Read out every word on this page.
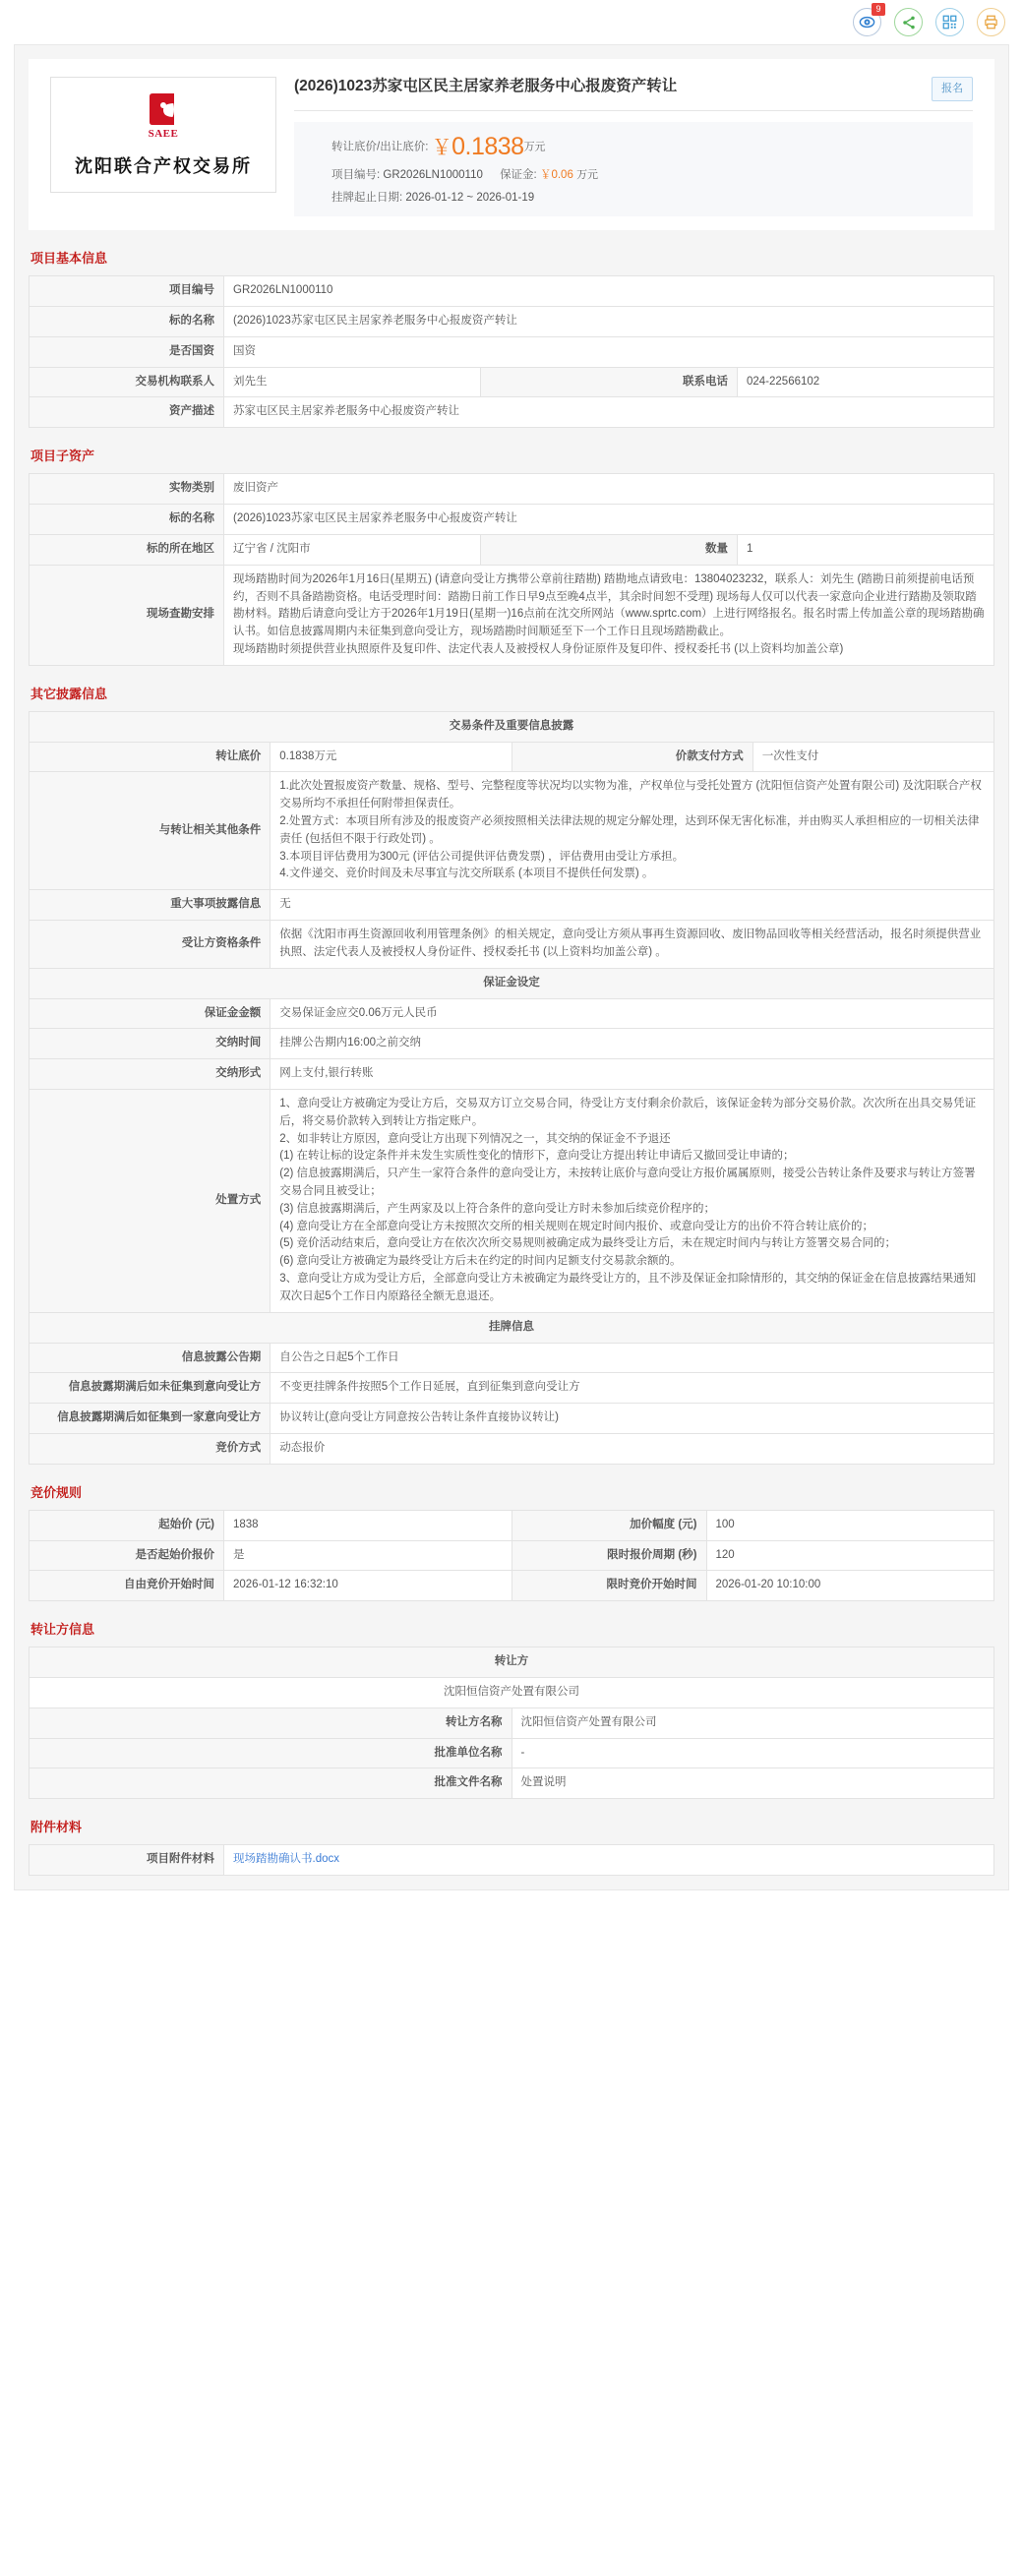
9
SAEE
沈阳联合产权交易所
(2026)1023苏家屯区民主居家养老服务中心报废资产转让	报名
转让底价/出让底价: ￥0.1838万元
项目编号: GR2026LN1000110 保证金: ￥0.06 万元
挂牌起止日期: 2026-01-12 ~ 2026-01-19
项目基本信息
项目编号	GR2026LN1000110		
标的名称	(2026)1023苏家屯区民主居家养老服务中心报废资产转让		
是否国资	国资		
交易机构联系人	刘先生	联系电话	024-22566102
资产描述	苏家屯区民主居家养老服务中心报废资产转让		
项目子资产
实物类别	废旧资产		
标的名称	(2026)1023苏家屯区民主居家养老服务中心报废资产转让		
标的所在地区	辽宁省 / 沈阳市	数量	1
现场查勘安排	现场踏勘时间为2026年1月16日(星期五) (请意向受让方携带公章前往踏勘) 踏勘地点请致电：13804023232，联系人：刘先生 (踏勘日前须提前电话预约，否则不具备踏勘资格。电话受理时间：踏勘日前工作日早9点至晚4点半，其余时间恕不受理) 现场每人仅可以代表一家意向企业进行踏勘及领取踏勘材料。踏勘后请意向受让方于2026年1月19日(星期一)16点前在沈交所网站（www.sprtc.com）上进行网络报名。报名时需上传加盖公章的现场踏勘确认书。如信息披露周期内未征集到意向受让方，现场踏勘时间顺延至下一个工作日且现场踏勘截止。
现场踏勘时须提供营业执照原件及复印件、法定代表人及被授权人身份证原件及复印件、授权委托书 (以上资料均加盖公章)		
其它披露信息
交易条件及重要信息披露			
转让底价	0.1838万元	价款支付方式	一次性支付
与转让相关其他条件	1.此次处置报废资产数量、规格、型号、完整程度等状况均以实物为准，产权单位与受托处置方 (沈阳恒信资产处置有限公司) 及沈阳联合产权交易所均不承担任何附带担保责任。
2.处置方式：本项目所有涉及的报废资产必须按照相关法律法规的规定分解处理，达到环保无害化标准，并由购买人承担相应的一切相关法律责任 (包括但不限于行政处罚) 。
3.本项目评估费用为300元 (评估公司提供评估费发票) ，评估费用由受让方承担。
4.文件递交、竞价时间及未尽事宜与沈交所联系 (本项目不提供任何发票) 。		
重大事项披露信息	无		
受让方资格条件	依据《沈阳市再生资源回收利用管理条例》的相关规定，意向受让方须从事再生资源回收、废旧物品回收等相关经营活动，报名时须提供营业执照、法定代表人及被授权人身份证件、授权委托书 (以上资料均加盖公章) 。		
保证金设定			
保证金金额	交易保证金应交0.06万元人民币		
交纳时间	挂牌公告期内16:00之前交纳		
交纳形式	网上支付,银行转账		
处置方式	1、意向受让方被确定为受让方后，交易双方订立交易合同，待受让方支付剩余价款后，该保证金转为部分交易价款。次次所在出具交易凭证后，将交易价款转入到转让方指定账户。
2、如非转让方原因，意向受让方出现下列情况之一，其交纳的保证金不予退还
(1) 在转让标的设定条件并未发生实质性变化的情形下，意向受让方提出转让申请后又撤回受让申请的；
(2) 信息披露期满后，只产生一家符合条件的意向受让方，未按转让底价与意向受让方报价属属原则，接受公告转让条件及要求与转让方签署交易合同且被受让；
(3) 信息披露期满后，产生两家及以上符合条件的意向受让方时未参加后续竞价程序的；
(4) 意向受让方在全部意向受让方未按照次交所的相关规则在规定时间内报价、或意向受让方的出价不符合转让底价的；
(5) 竞价活动结束后，意向受让方在依次次所交易规则被确定成为最终受让方后，未在规定时间内与转让方签署交易合同的；
(6) 意向受让方被确定为最终受让方后未在约定的时间内足额支付交易款余额的。
3、意向受让方成为受让方后，全部意向受让方未被确定为最终受让方的，且不涉及保证金扣除情形的，其交纳的保证金在信息披露结果通知双次日起5个工作日内原路径全额无息退还。
挂牌信息			
信息披露公告期	自公告之日起5个工作日		
信息披露期满后如未征集到意向受让方	不变更挂牌条件按照5个工作日延展，直到征集到意向受让方		
信息披露期满后如征集到一家意向受让方	协议转让(意向受让方同意按公告转让条件直接协议转让)		
竞价方式	动态报价		
竞价规则
起始价 (元)	1838	加价幅度 (元)	100
是否起始价报价	是	限时报价周期 (秒)	120
自由竞价开始时间	2026-01-12 16:32:10	限时竞价开始时间	2026-01-20 10:10:00
转让方信息
转让方	
沈阳恒信资产处置有限公司	
转让方名称	沈阳恒信资产处置有限公司
批准单位名称	-
批准文件名称	处置说明
附件材料
项目附件材料	现场踏勘确认书.docx
